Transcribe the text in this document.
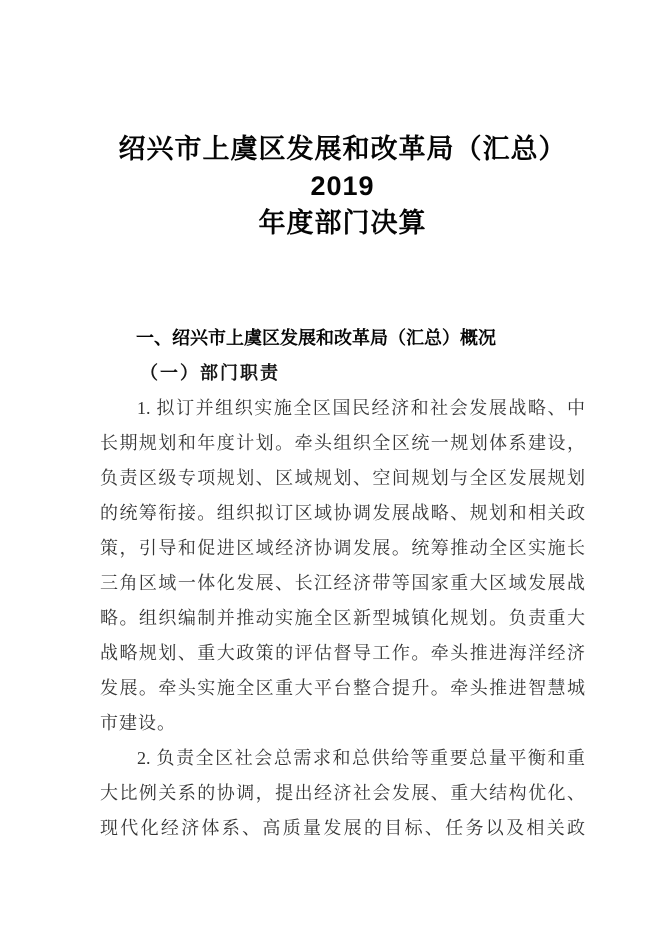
绍兴市上虞区发展和改革局（汇总）2019
年度部门决算
一、绍兴市上虞区发展和改革局（汇总）概况
（一）部门职责
1. 拟订并组织实施全区国民经济和社会发展战略、中
长期规划和年度计划。牵头组织全区统一规划体系建设，
负责区级专项规划、区域规划、空间规划与全区发展规划
的统筹衔接。组织拟订区域协调发展战略、规划和相关政
策，引导和促进区域经济协调发展。统筹推动全区实施长
三角区域一体化发展、长江经济带等国家重大区域发展战
略。组织编制并推动实施全区新型城镇化规划。负责重大
战略规划、重大政策的评估督导工作。牵头推进海洋经济
发展。牵头实施全区重大平台整合提升。牵头推进智慧城
市建设。
2. 负责全区社会总需求和总供给等重要总量平衡和重
大比例关系的协调，提出经济社会发展、重大结构优化、
现代化经济体系、高质量发展的目标、任务以及相关政
